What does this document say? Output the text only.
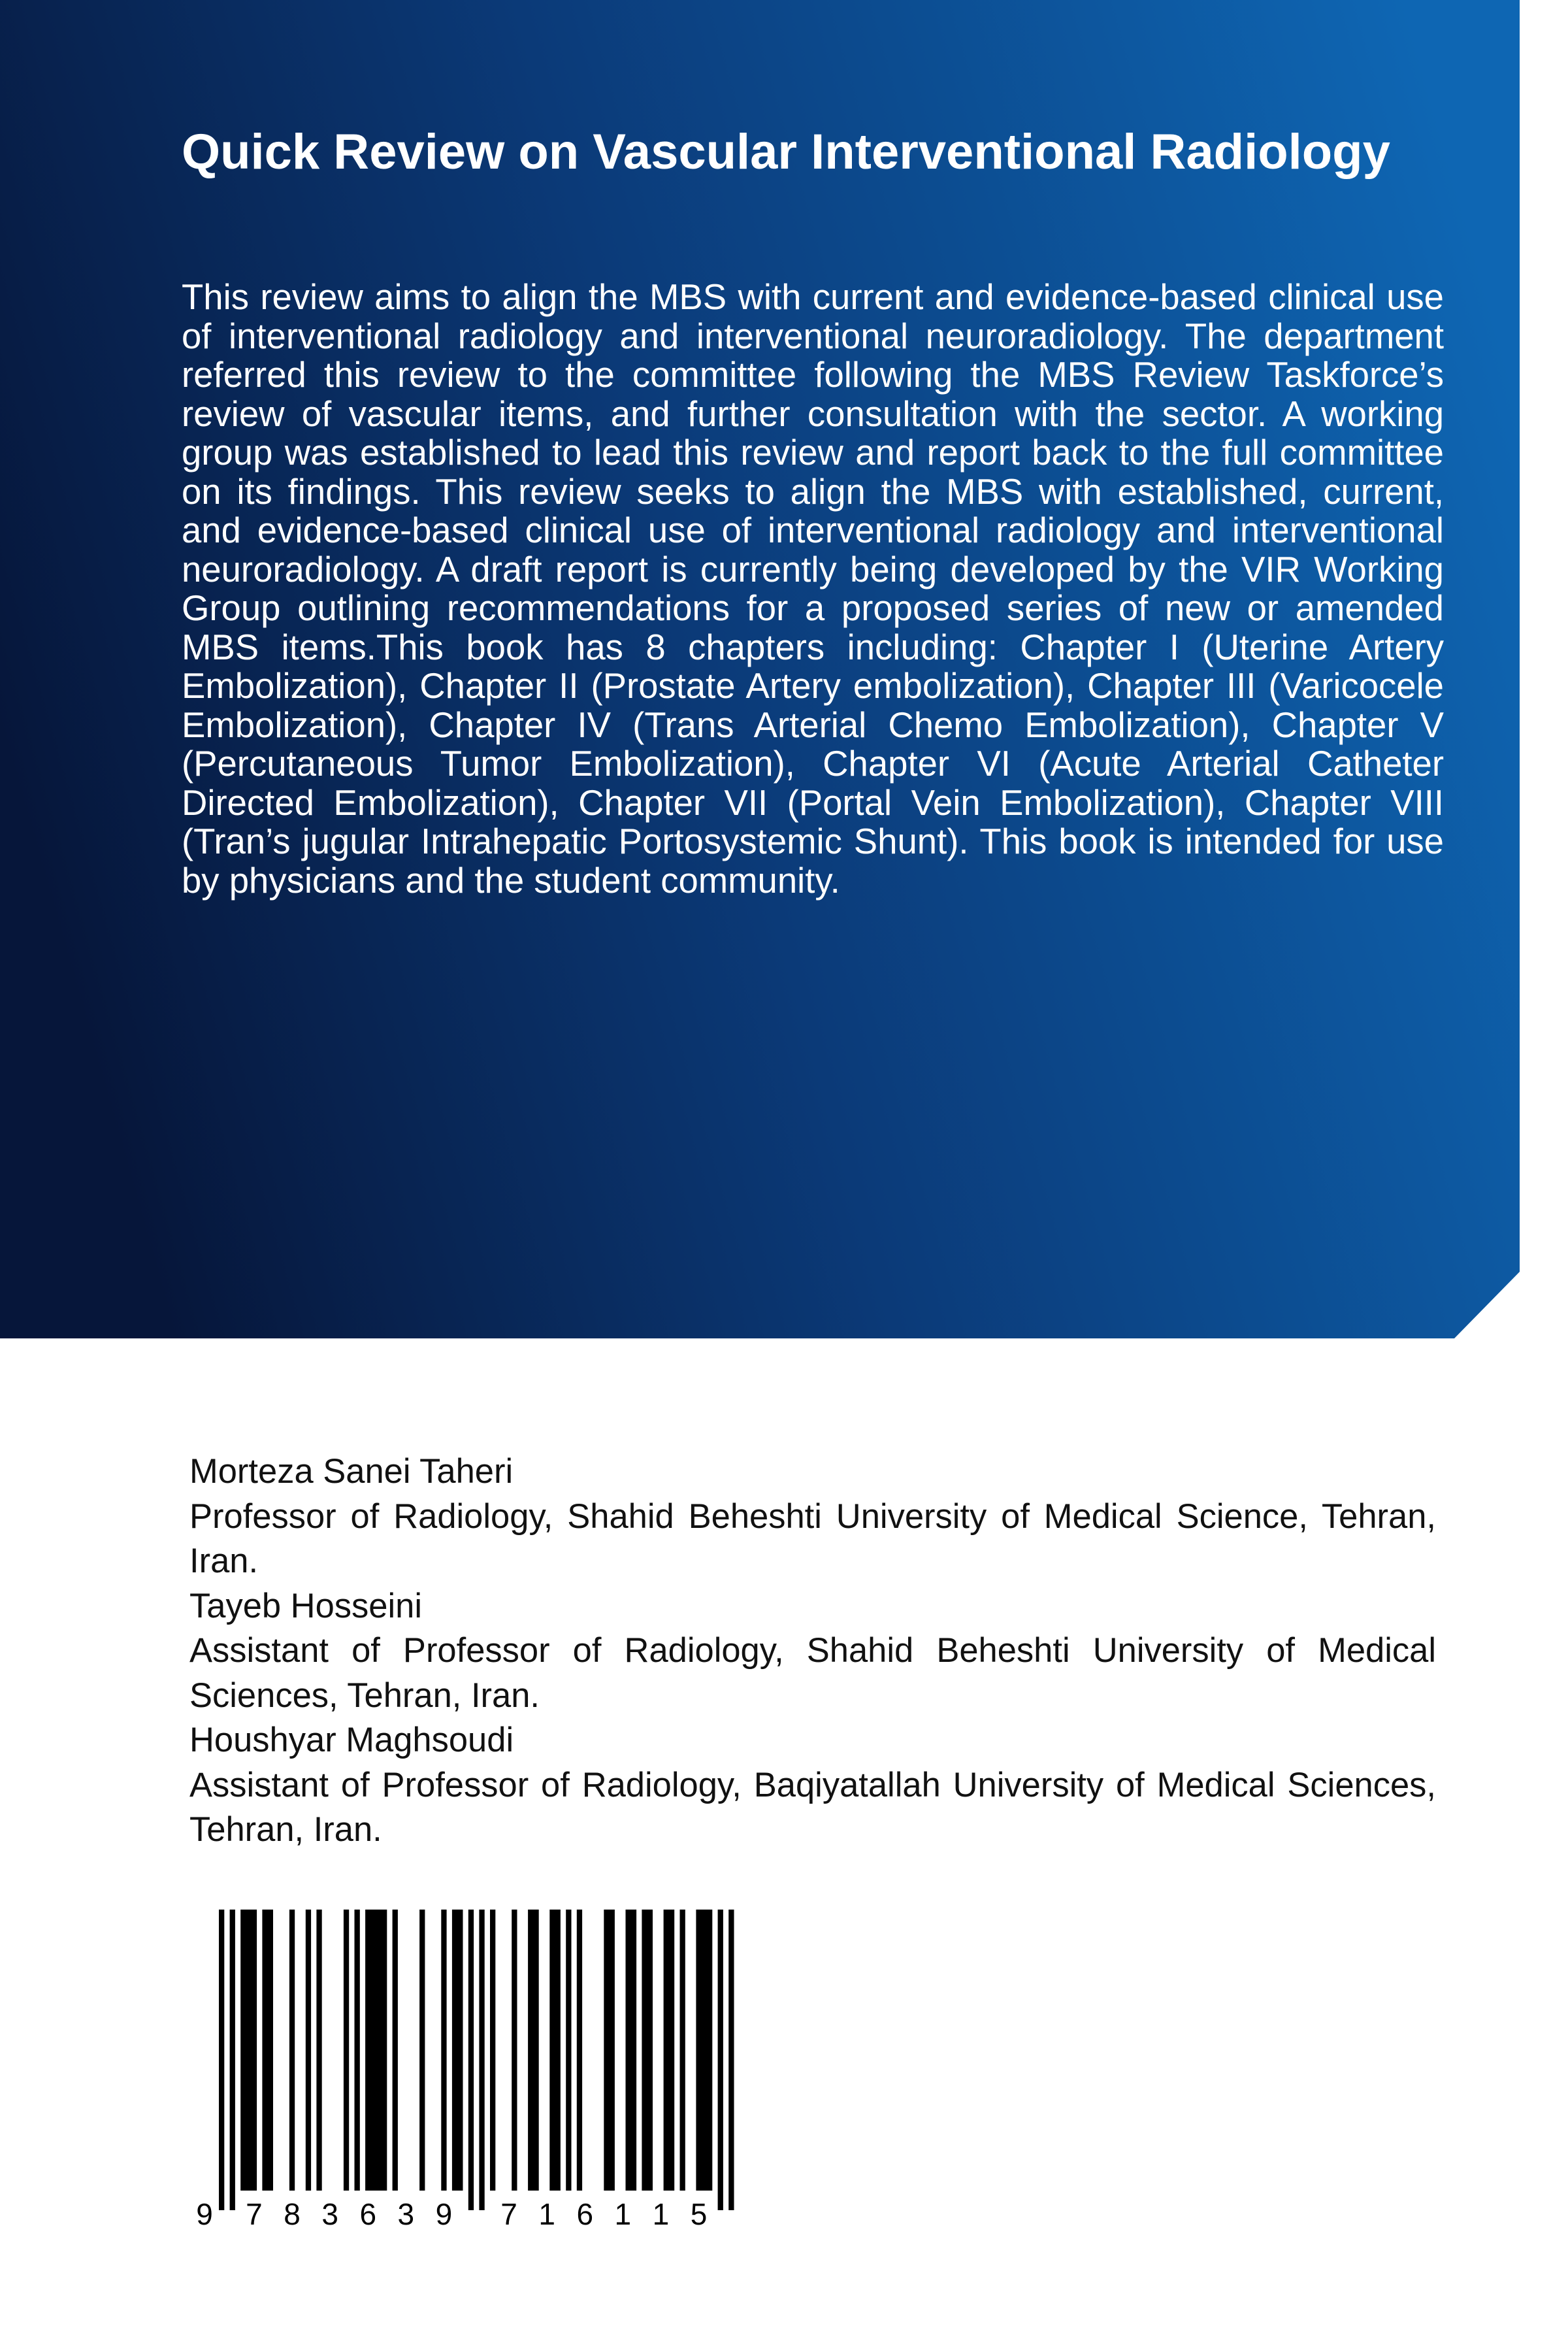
Quick Review on Vascular Interventional Radiology

This review aims to align the MBS with current and evidence-based clinical use of interventional radiology and interventional neuroradiology. The department referred this review to the committee following the MBS Review Taskforce’s review of vascular items, and further consultation with the sector. A working group was established to lead this review and report back to the full committee on its findings. This review seeks to align the MBS with established, current, and evidence-based clinical use of interventional radiology and interventional neuroradiology. A draft report is currently being developed by the VIR Working Group outlining recommendations for a proposed series of new or amended MBS items.This book has 8 chapters including: Chapter I (Uterine Artery Embolization), Chapter II (Prostate Artery embolization), Chapter III (Varicocele Embolization), Chapter IV (Trans Arterial Chemo Embolization), Chapter V (Percutaneous Tumor Embolization), Chapter VI (Acute Arterial Catheter Directed Embolization), Chapter VII (Portal Vein Embolization), Chapter VIII (Tran’s jugular Intrahepatic Portosystemic Shunt). This book is intended for use by physicians and the student community.

Morteza Sanei Taheri
Professor of Radiology, Shahid Beheshti University of Medical Science, Tehran, Iran.
Tayeb Hosseini
Assistant of Professor of Radiology, Shahid Beheshti University of Medical Sciences, Tehran, Iran.
Houshyar Maghsoudi
Assistant of Professor of Radiology, Baqiyatallah University of Medical Sciences, Tehran, Iran.
9 7 8 3 6 3 9 7 1 6 1 1 5
